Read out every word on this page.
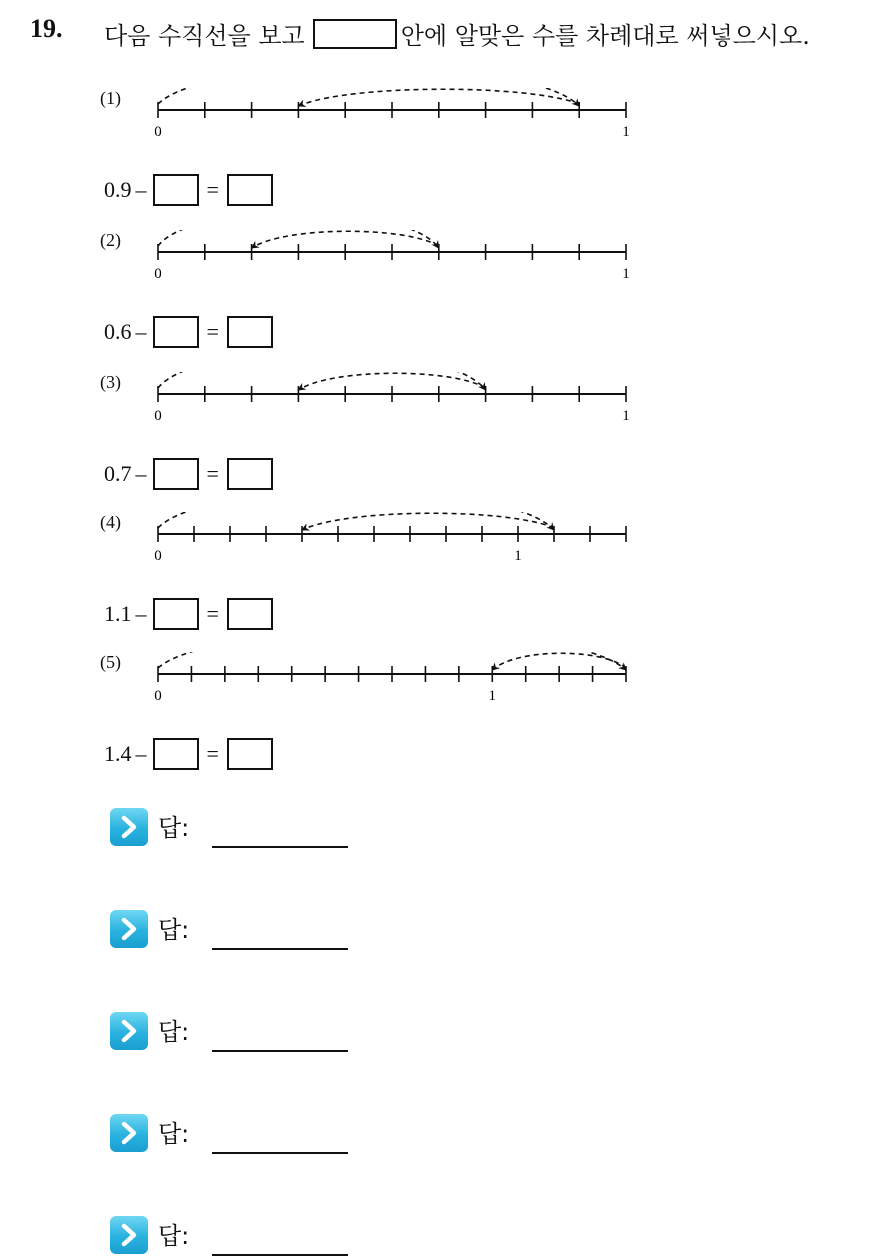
19. 다음 수직선을 보고	안에 알맞은 수를 차례대로 써넣으시오.
(1)
0	1
0.9 –	=
(2)
0	1
0.6 –	=
(3)
0	1
0.7 –	=
(4)
0	1
1.1 –	=
(5)
0	1
1.4 –	=
답:
답:
답:
답:
답:
